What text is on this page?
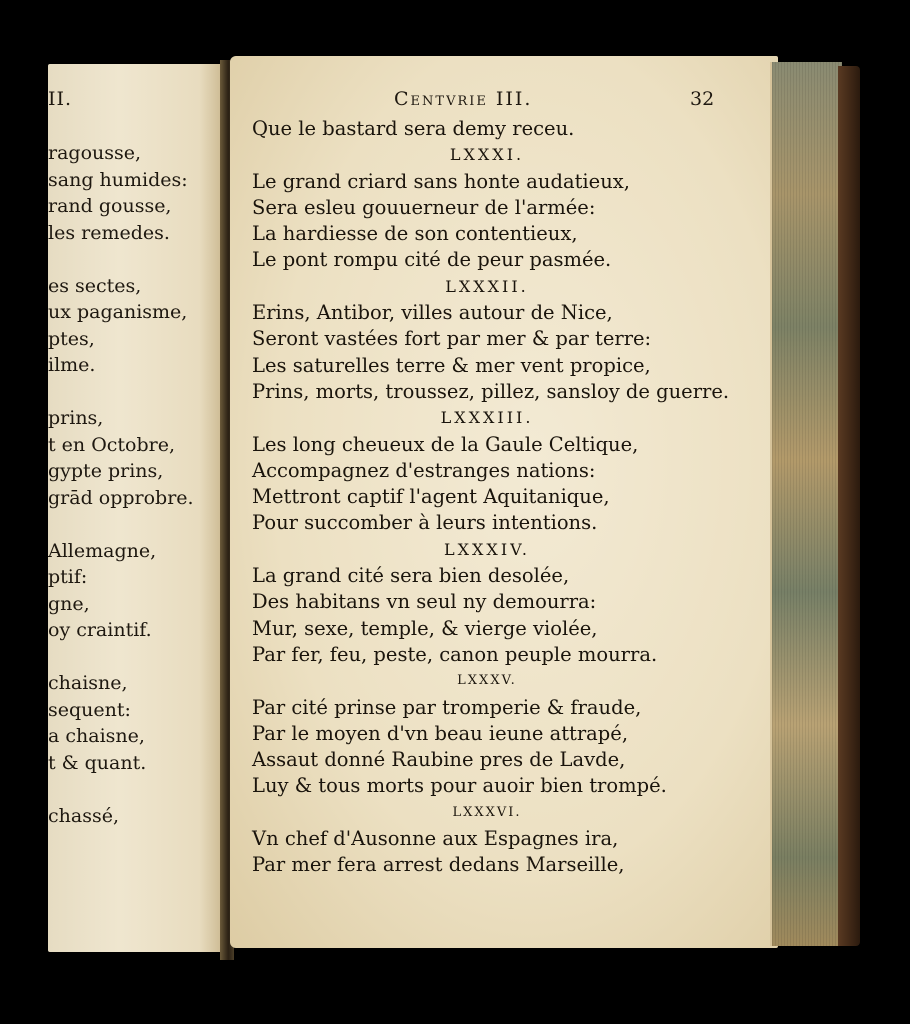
II.
ragousse,
sang humides:
rand gousse,
les remedes.
es sectes,
ux paganisme,
ptes,
ilme.
prins,
t en Octobre,
gypte prins,
grād opprobre.
Allemagne,
ptif:
gne,
oy craintif.
chaisne,
sequent:
a chaisne,
t & quant.
chassé,
Centvrie III.	32
Que le bastard sera demy receu.
LXXXI.
Le grand criard sans honte audatieux,
Sera esleu gouuerneur de l'armée:
La hardiesse de son contentieux,
Le pont rompu cité de peur pasmée.
LXXXII.
Erins, Antibor, villes autour de Nice,
Seront vastées fort par mer & par terre:
Les saturelles terre & mer vent propice,
Prins, morts, troussez, pillez, sansloy de guerre.
LXXXIII.
Les long cheueux de la Gaule Celtique,
Accompagnez d'estranges nations:
Mettront captif l'agent Aquitanique,
Pour succomber à leurs intentions.
LXXXIV.
La grand cité sera bien desolée,
Des habitans vn seul ny demourra:
Mur, sexe, temple, & vierge violée,
Par fer, feu, peste, canon peuple mourra.
LXXXV.
Par cité prinse par tromperie & fraude,
Par le moyen d'vn beau ieune attrapé,
Assaut donné Raubine pres de Lavde,
Luy & tous morts pour auoir bien trompé.
LXXXVI.
Vn chef d'Ausonne aux Espagnes ira,
Par mer fera arrest dedans Marseille,
